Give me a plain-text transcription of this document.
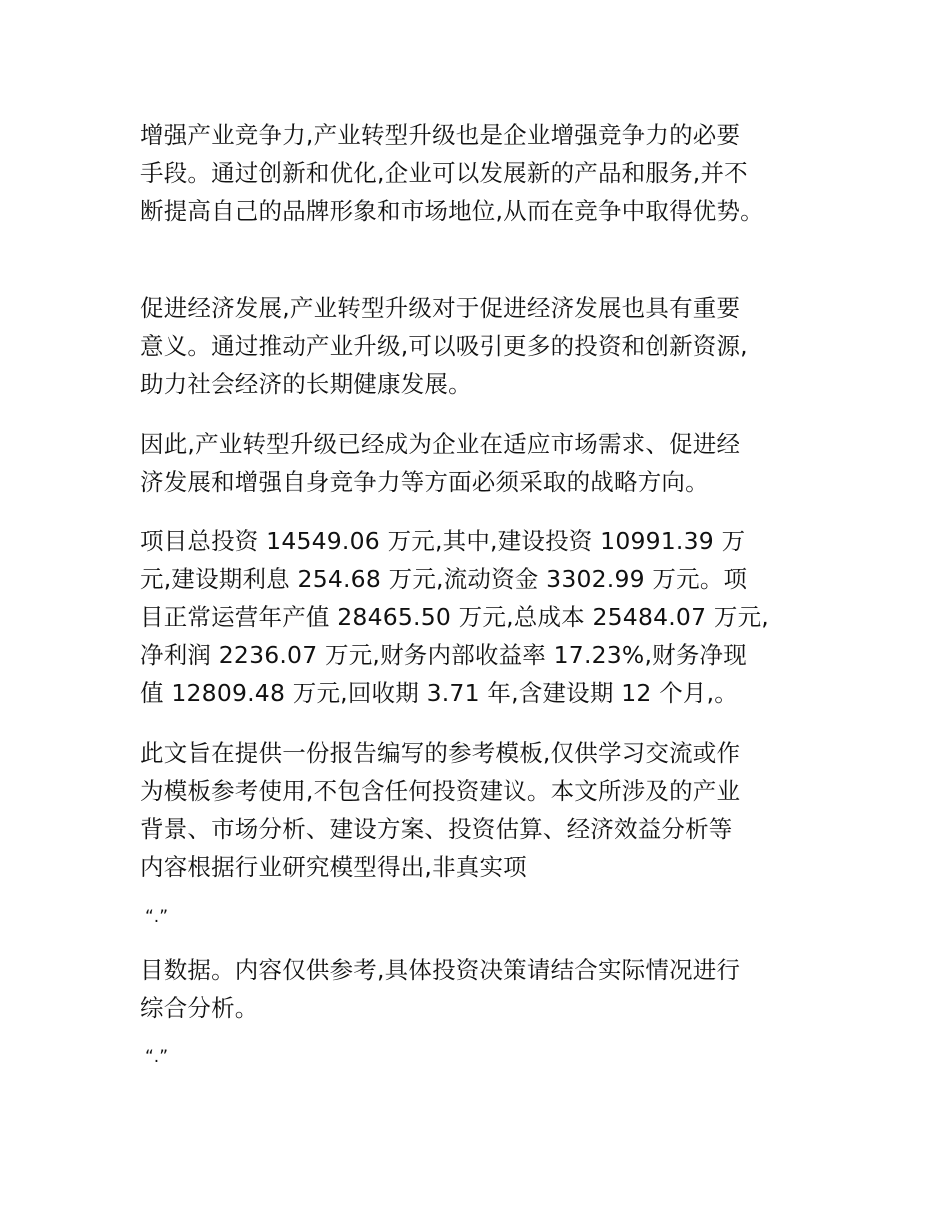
增强产业竞争力,产业转型升级也是企业增强竞争力的必要
手段。通过创新和优化,企业可以发展新的产品和服务,并不
断提高自己的品牌形象和市场地位,从而在竞争中取得优势。
促进经济发展,产业转型升级对于促进经济发展也具有重要
意义。通过推动产业升级,可以吸引更多的投资和创新资源,
助力社会经济的长期健康发展。
因此,产业转型升级已经成为企业在适应市场需求、促进经
济发展和增强自身竞争力等方面必须采取的战略方向。
项目总投资 14549.06 万元,其中,建设投资 10991.39 万
元,建设期利息 254.68 万元,流动资金 3302.99 万元。项
目正常运营年产值 28465.50 万元,总成本 25484.07 万元,
净利润 2236.07 万元,财务内部收益率 17.23%,财务净现
值 12809.48 万元,回收期 3.71 年,含建设期 12 个月,。
此文旨在提供一份报告编写的参考模板,仅供学习交流或作
为模板参考使用,不包含任何投资建议。本文所涉及的产业
背景、市场分析、建设方案、投资估算、经济效益分析等
内容根据行业研究模型得出,非真实项
“.”
目数据。内容仅供参考,具体投资决策请结合实际情况进行
综合分析。
“.”
